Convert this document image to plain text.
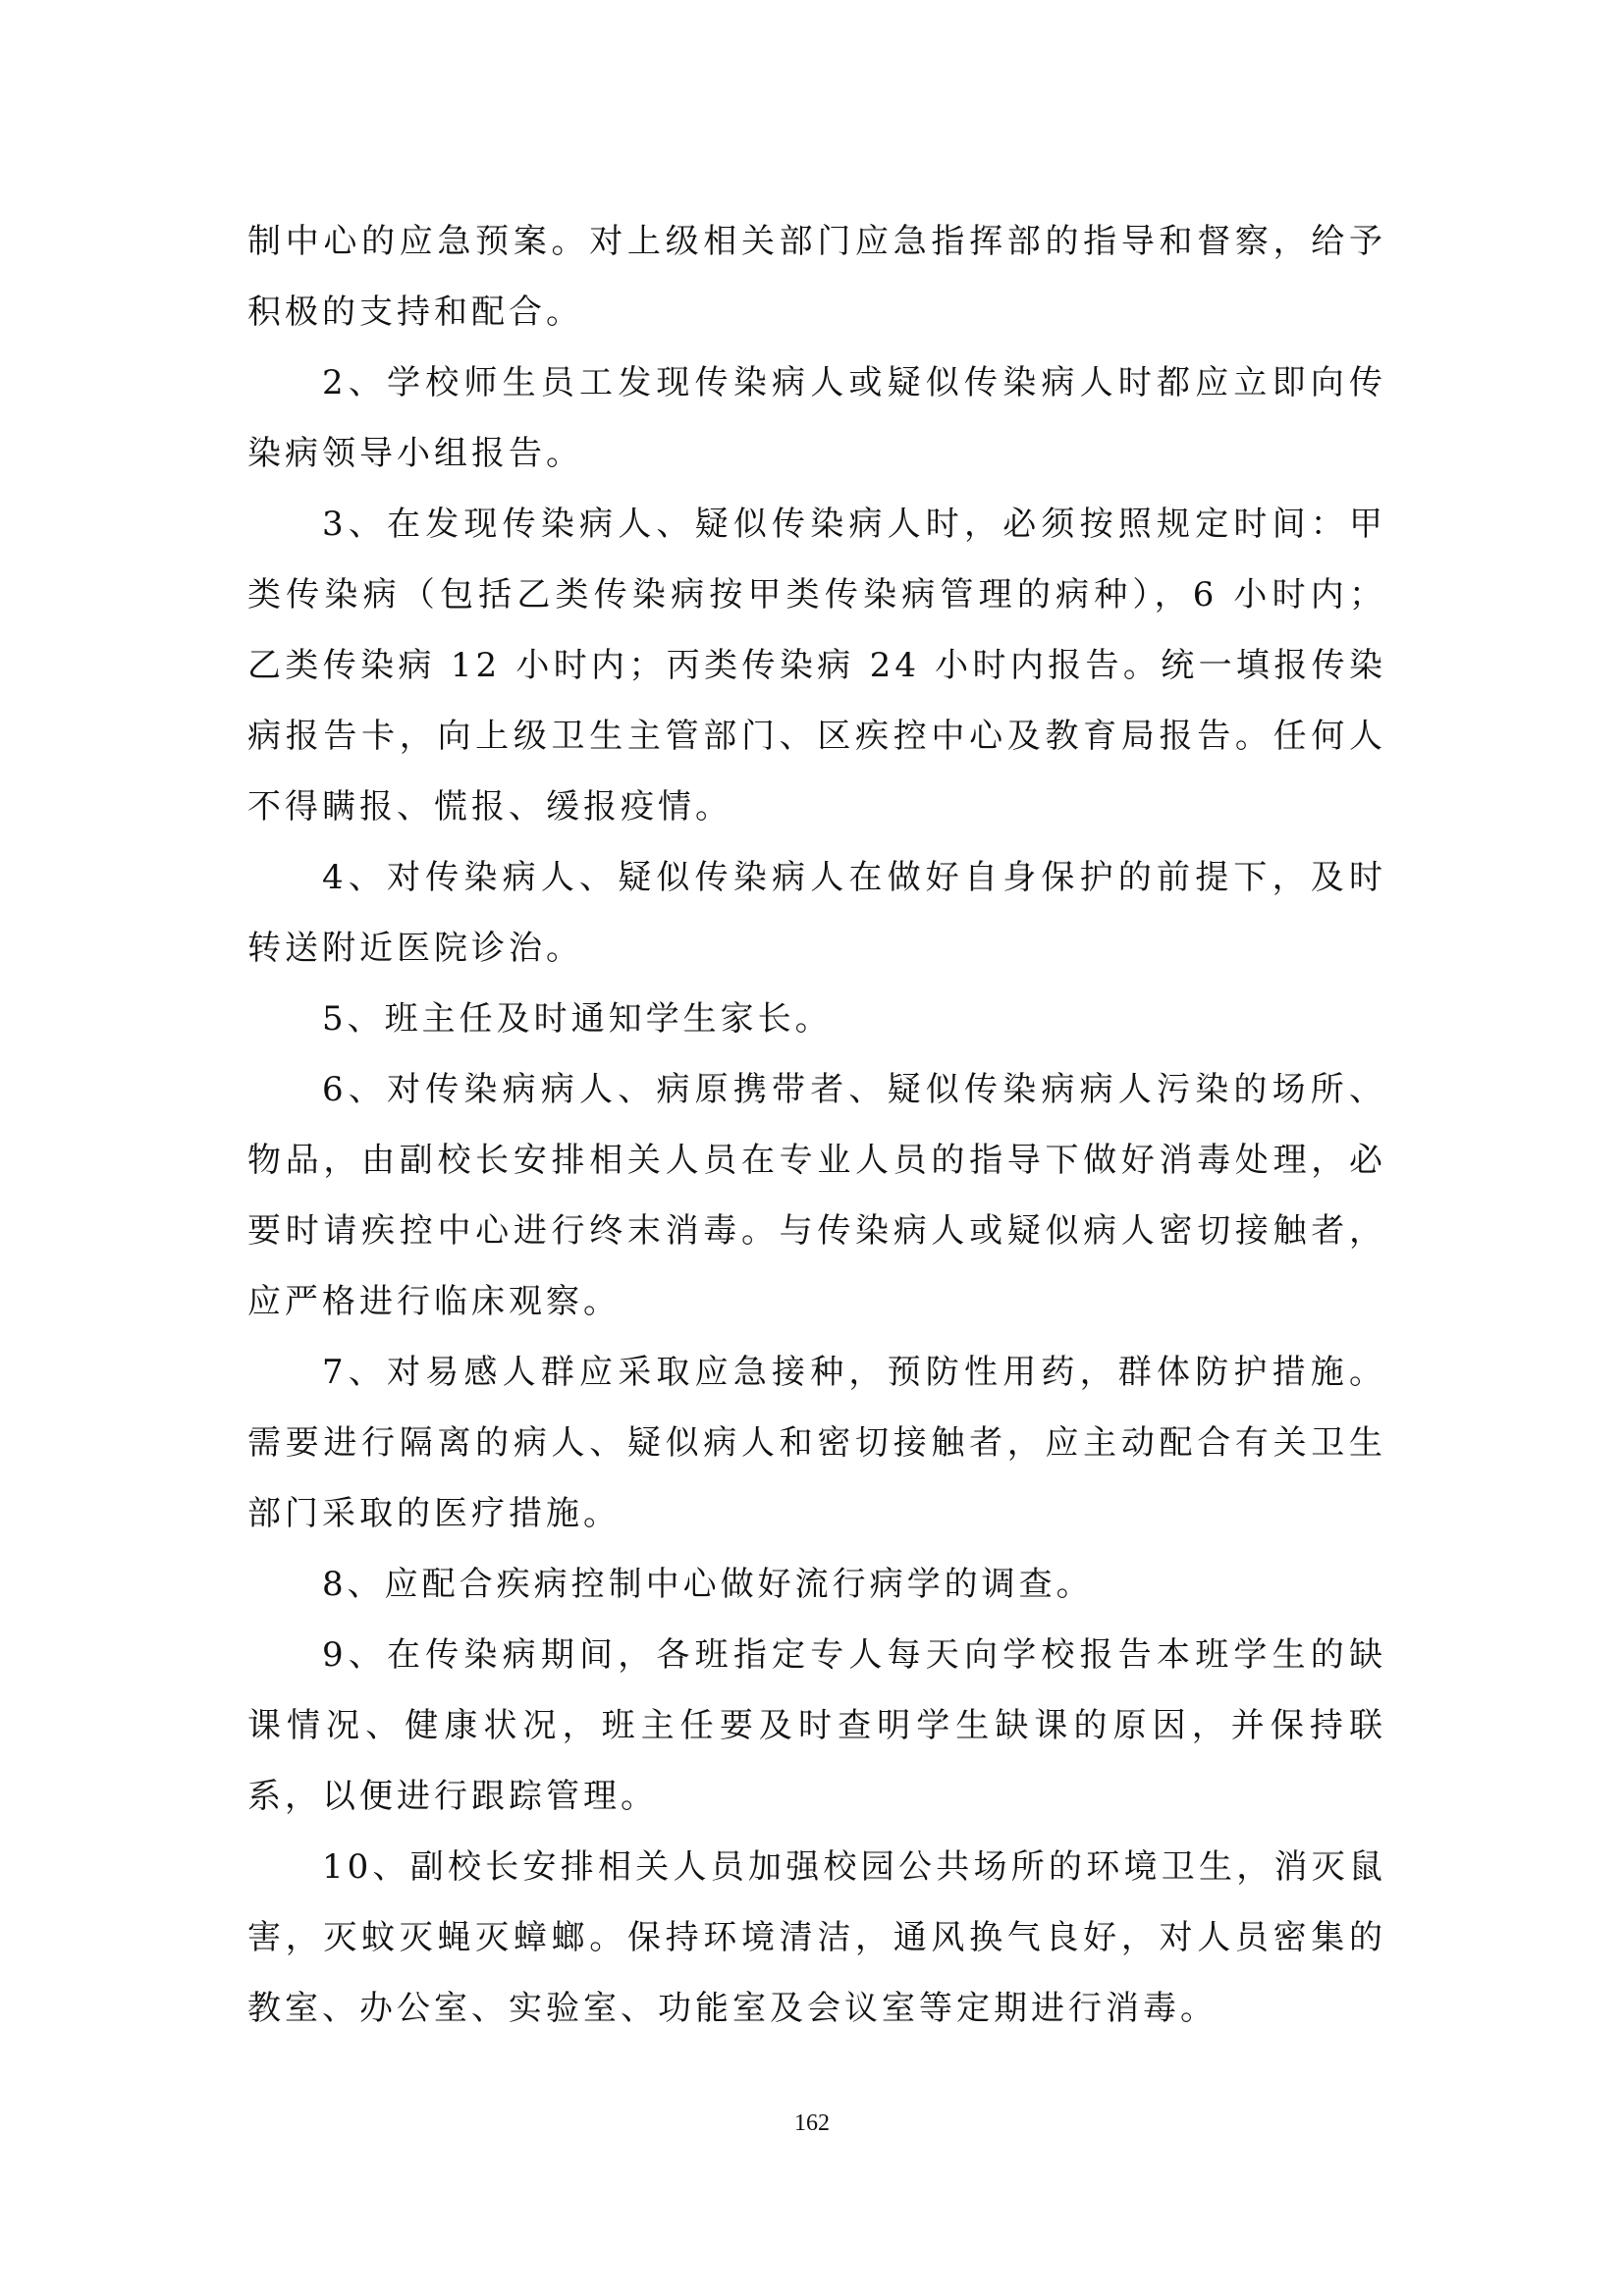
制中心的应急预案。对上级相关部门应急指挥部的指导和督察，给予积极的支持和配合。

2、学校师生员工发现传染病人或疑似传染病人时都应立即向传染病领导小组报告。

3、在发现传染病人、疑似传染病人时，必须按照规定时间：甲类传染病（包括乙类传染病按甲类传染病管理的病种），6 小时内；乙类传染病 12 小时内；丙类传染病 24 小时内报告。统一填报传染病报告卡，向上级卫生主管部门、区疾控中心及教育局报告。任何人不得瞒报、慌报、缓报疫情。

4、对传染病人、疑似传染病人在做好自身保护的前提下，及时转送附近医院诊治。

5、班主任及时通知学生家长。

6、对传染病病人、病原携带者、疑似传染病病人污染的场所、物品，由副校长安排相关人员在专业人员的指导下做好消毒处理，必要时请疾控中心进行终末消毒。与传染病人或疑似病人密切接触者，应严格进行临床观察。

7、对易感人群应采取应急接种，预防性用药，群体防护措施。需要进行隔离的病人、疑似病人和密切接触者，应主动配合有关卫生部门采取的医疗措施。

8、应配合疾病控制中心做好流行病学的调查。

9、在传染病期间，各班指定专人每天向学校报告本班学生的缺课情况、健康状况，班主任要及时查明学生缺课的原因，并保持联系，以便进行跟踪管理。

10、副校长安排相关人员加强校园公共场所的环境卫生，消灭鼠害，灭蚊灭蝇灭蟑螂。保持环境清洁，通风换气良好，对人员密集的教室、办公室、实验室、功能室及会议室等定期进行消毒。

162
